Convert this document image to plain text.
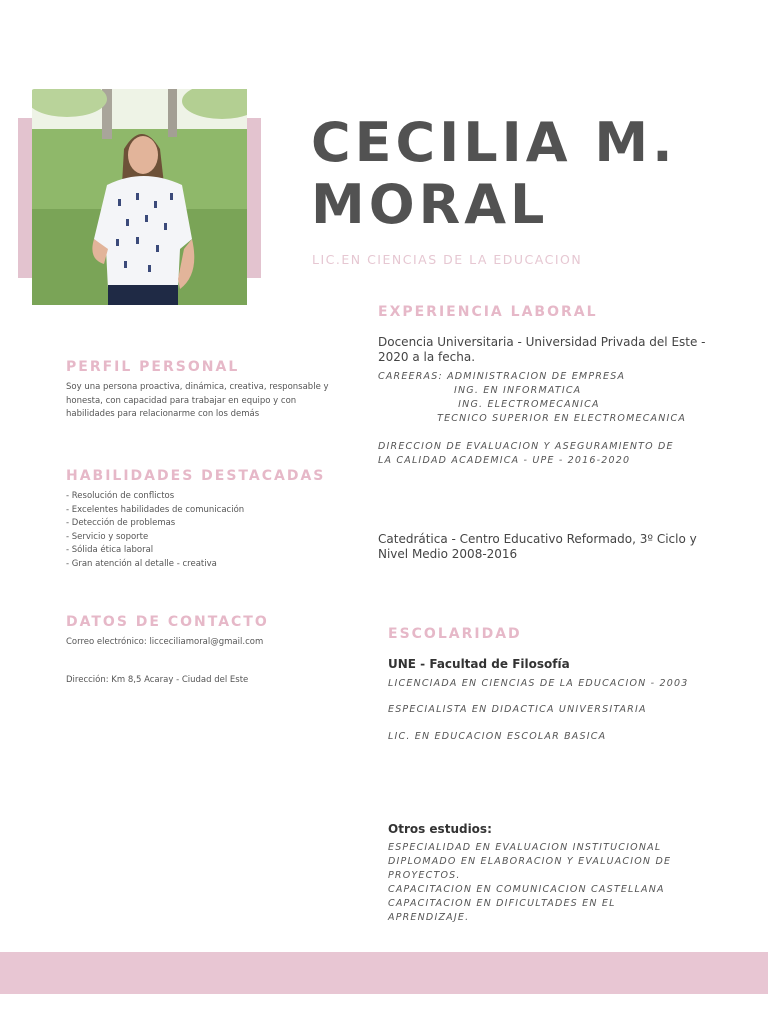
CECILIA M.
MORAL
LIC.EN CIENCIAS DE LA EDUCACION
PERFIL PERSONAL
Soy una persona proactiva, dinámica, creativa, responsable y honesta, con capacidad para trabajar en equipo y con habilidades para relacionarme con los demás
HABILIDADES DESTACADAS
- Resolución de conflictos
- Excelentes habilidades de comunicación
- Detección de problemas
- Servicio y soporte
- Sólida ética laboral
- Gran atención al detalle - creativa
DATOS DE CONTACTO
Correo electrónico: licceciliamoral@gmail.com
Dirección: Km 8,5 Acaray - Ciudad del Este
EXPERIENCIA LABORAL
Docencia Universitaria - Universidad Privada del Este - 2020 a la fecha.
CAREERAS: ADMINISTRACION DE EMPRESA
ING. EN INFORMATICA
ING. ELECTROMECANICA
TECNICO SUPERIOR EN ELECTROMECANICA
DIRECCION DE EVALUACION Y ASEGURAMIENTO DE
LA CALIDAD ACADEMICA - UPE - 2016-2020
Catedrática - Centro Educativo Reformado, 3º Ciclo y Nivel Medio 2008-2016
ESCOLARIDAD
UNE - Facultad de Filosofía
LICENCIADA EN CIENCIAS DE LA EDUCACION - 2003
ESPECIALISTA EN DIDACTICA UNIVERSITARIA
LIC. EN EDUCACION ESCOLAR BASICA
Otros estudios:
ESPECIALIDAD EN EVALUACION INSTITUCIONAL
DIPLOMADO EN ELABORACION Y EVALUACION DE
PROYECTOS.
CAPACITACION EN COMUNICACION CASTELLANA
CAPACITACION EN DIFICULTADES EN EL
APRENDIZAJE.
